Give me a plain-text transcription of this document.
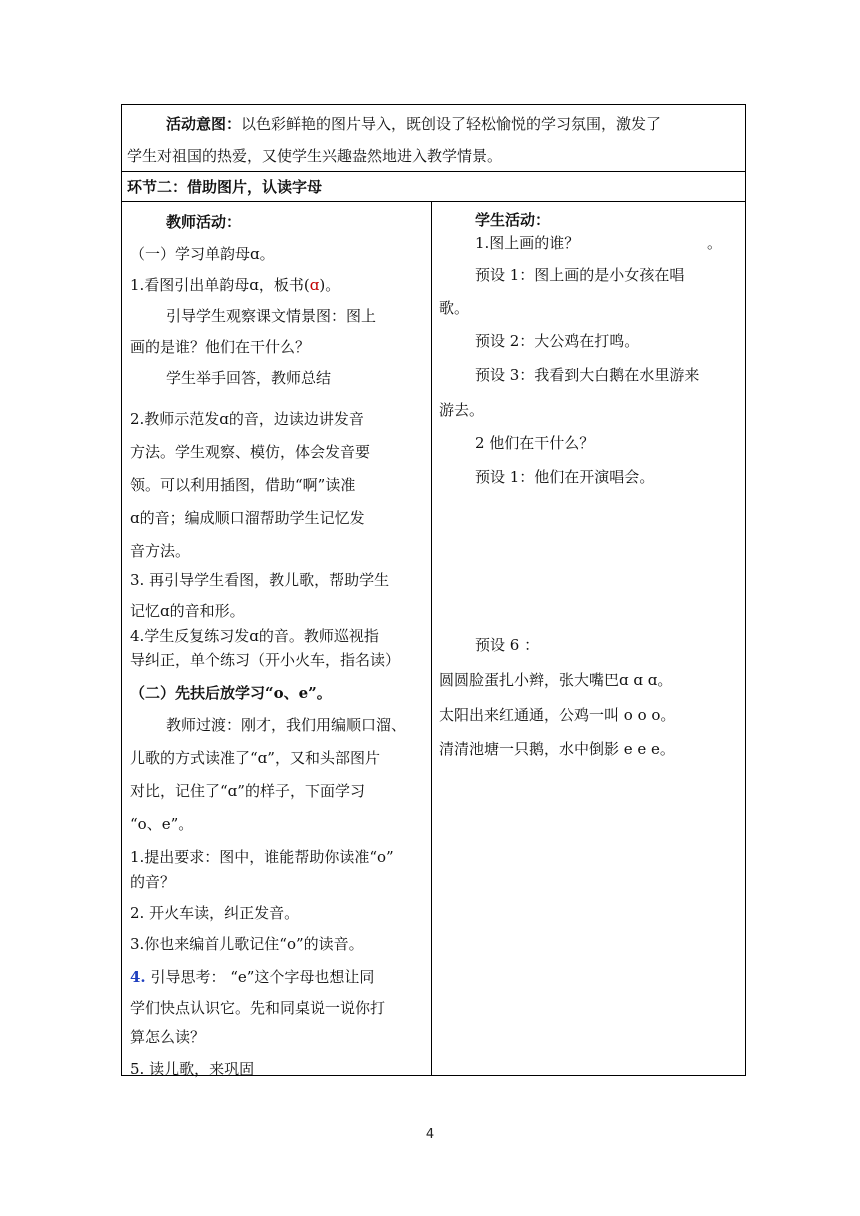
活动意图：以色彩鲜艳的图片导入，既创设了轻松愉悦的学习氛围，激发了
学生对祖国的热爱，又使学生兴趣盎然地进入教学情景。
环节二：借助图片，认读字母
教师活动：
（一）学习单韵母ɑ。
1.看图引出单韵母ɑ，板书(ɑ)。
引导学生观察课文情景图：图上
画的是谁？他们在干什么？
学生举手回答，教师总结
2.教师示范发ɑ的音，边读边讲发音
方法。学生观察、模仿，体会发音要
领。可以利用插图，借助“啊”读准
ɑ的音；编成顺口溜帮助学生记忆发
音方法。
3. 再引导学生看图，教儿歌，帮助学生
记忆ɑ的音和形。
4.学生反复练习发ɑ的音。教师巡视指
导纠正，单个练习（开小火车，指名读）
（二）先扶后放学习“o、e”。
教师过渡：刚才，我们用编顺口溜、
儿歌的方式读准了“ɑ”，又和头部图片
对比，记住了“ɑ”的样子，下面学习
“o、e”。
1.提出要求：图中，谁能帮助你读准“o”
的音？
2. 开火车读，纠正发音。
3.你也来编首儿歌记住“o”的读音。
4. 引导思考： “e”这个字母也想让同
学们快点认识它。先和同桌说一说你打
算怎么读？
5. 读儿歌，来巩固
学生活动：
1.图上画的谁？	。
预设 1：图上画的是小女孩在唱
歌。
预设 2：大公鸡在打鸣。
预设 3：我看到大白鹅在水里游来
游去。
2 他们在干什么？
预设 1：他们在开演唱会。
预设 6 ：
圆圆脸蛋扎小辫，张大嘴巴ɑ ɑ ɑ。
太阳出来红通通，公鸡一叫 o o o。
清清池塘一只鹅，水中倒影 e e e。
4
